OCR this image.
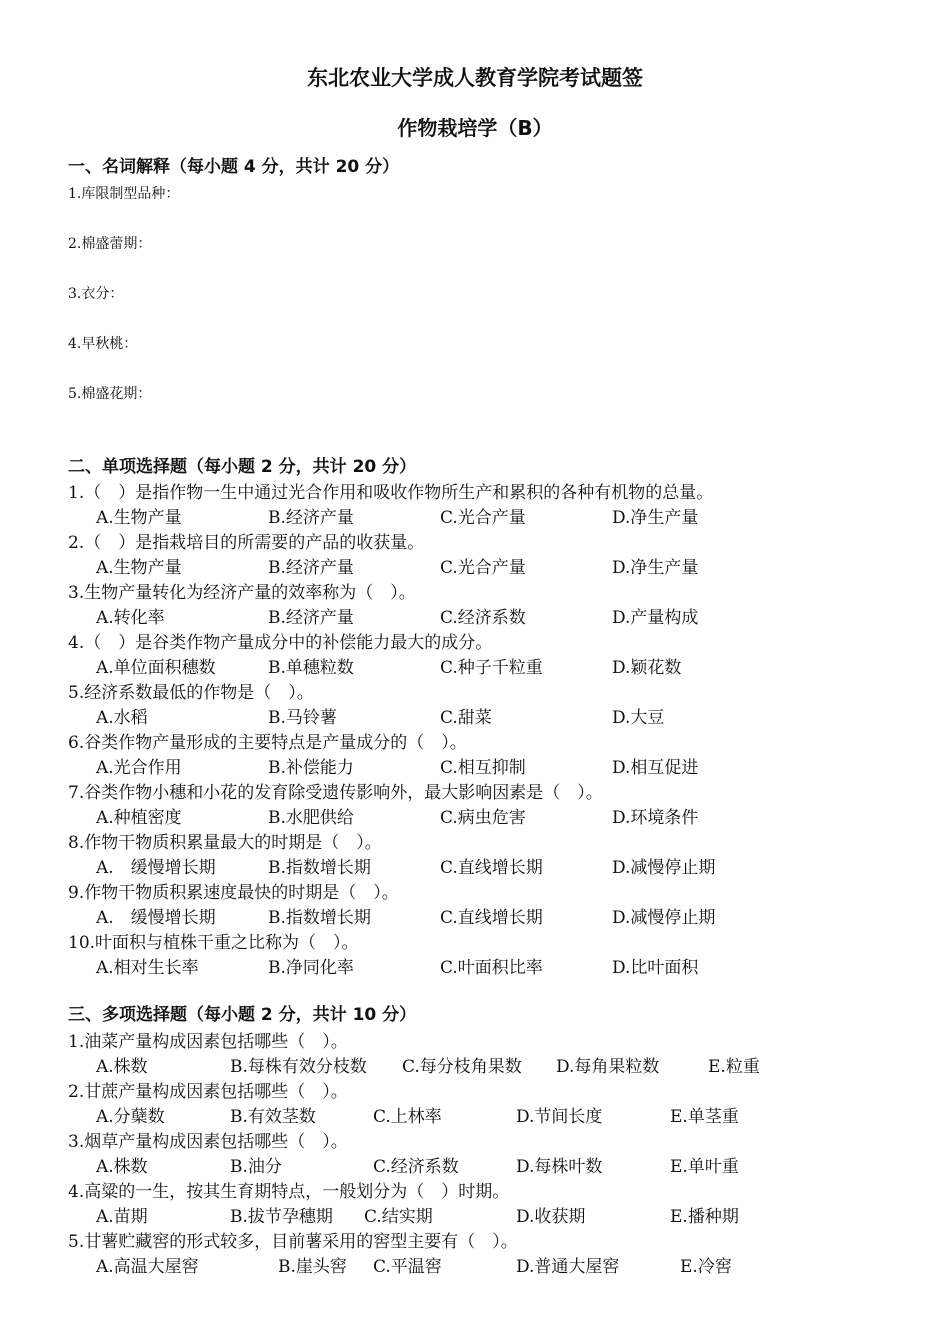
东北农业大学成人教育学院考试题签
作物栽培学（B）
一、名词解释（每小题 4 分，共计 20 分）
1.库限制型品种：
2.棉盛蕾期：
3.衣分：
4.早秋桃：
5.棉盛花期：
二、单项选择题（每小题 2 分，共计 20 分）
1.（　）是指作物一生中通过光合作用和吸收作物所生产和累积的各种有机物的总量。
A.生物产量	B.经济产量	C.光合产量	D.净生产量
2.（　）是指栽培目的所需要的产品的收获量。
A.生物产量	B.经济产量	C.光合产量	D.净生产量
3.生物产量转化为经济产量的效率称为（　）。
A.转化率	B.经济产量	C.经济系数	D.产量构成
4.（　）是谷类作物产量成分中的补偿能力最大的成分。
A.单位面积穗数	B.单穗粒数	C.种子千粒重	D.颖花数
5.经济系数最低的作物是（　）。
A.水稻	B.马铃薯	C.甜菜	D.大豆
6.谷类作物产量形成的主要特点是产量成分的（　）。
A.光合作用	B.补偿能力	C.相互抑制	D.相互促进
7.谷类作物小穗和小花的发育除受遗传影响外，最大影响因素是（　）。
A.种植密度	B.水肥供给	C.病虫危害	D.环境条件
8.作物干物质积累量最大的时期是（　）。
A.　缓慢增长期	B.指数增长期	C.直线增长期	D.减慢停止期
9.作物干物质积累速度最快的时期是（　）。
A.　缓慢增长期	B.指数增长期	C.直线增长期	D.减慢停止期
10.叶面积与植株干重之比称为（　）。
A.相对生长率	B.净同化率	C.叶面积比率	D.比叶面积
三、多项选择题（每小题 2 分，共计 10 分）
1.油菜产量构成因素包括哪些（　）。
A.株数	B.每株有效分枝数 C.每分枝角果数 D.每角果粒数	E.粒重
2.甘蔗产量构成因素包括哪些（　）。
A.分蘖数	B.有效茎数	C.上林率	D.节间长度	E.单茎重
3.烟草产量构成因素包括哪些（　）。
A.株数	B.油分	C.经济系数	D.每株叶数	E.单叶重
4.高粱的一生，按其生育期特点，一般划分为（　）时期。
A.苗期	B.拔节孕穗期 C.结实期	D.收获期	E.播种期
5.甘薯贮藏窖的形式较多，目前薯采用的窖型主要有（　）。
A.高温大屋窖	B.崖头窖 C.平温窖	D.普通大屋窖	E.冷窖
